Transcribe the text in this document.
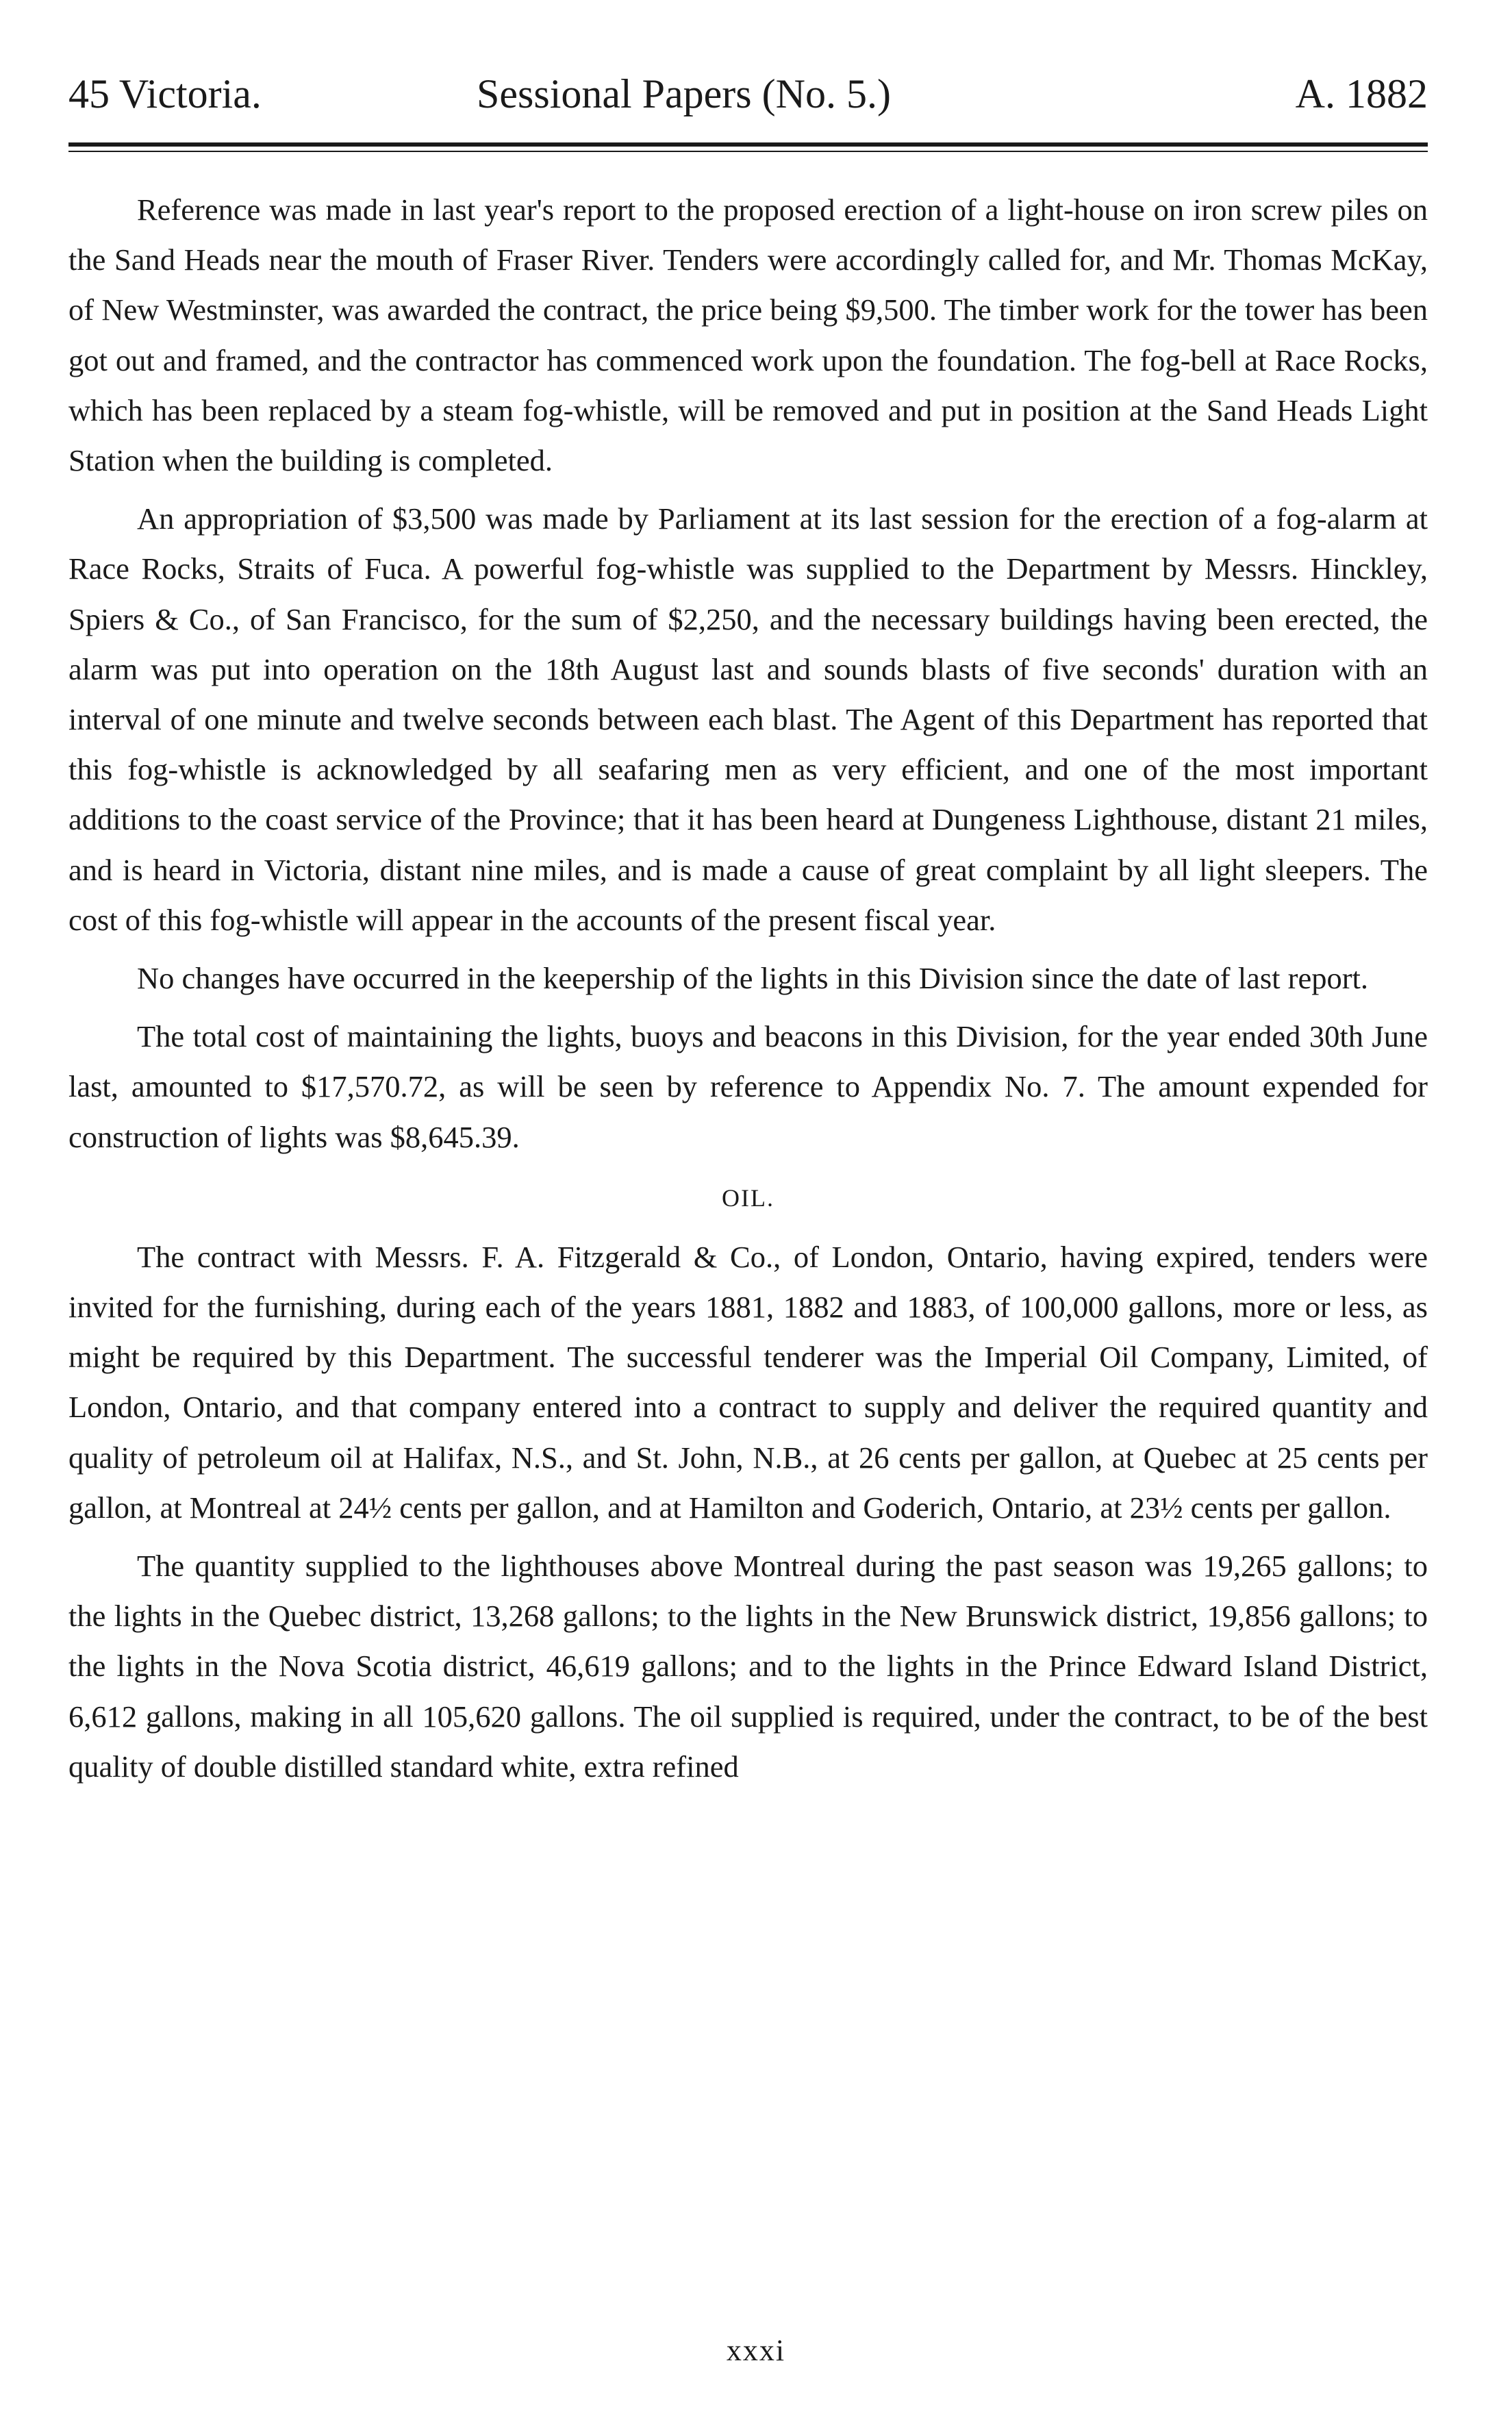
45 Victoria.	Sessional Papers (No. 5.)	A. 1882

Reference was made in last year's report to the proposed erection of a light-house on iron screw piles on the Sand Heads near the mouth of Fraser River. Tenders were accordingly called for, and Mr. Thomas McKay, of New Westminster, was awarded the contract, the price being $9,500. The timber work for the tower has been got out and framed, and the contractor has commenced work upon the foundation. The fog-bell at Race Rocks, which has been replaced by a steam fog-whistle, will be removed and put in position at the Sand Heads Light Station when the building is completed.

An appropriation of $3,500 was made by Parliament at its last session for the erection of a fog-alarm at Race Rocks, Straits of Fuca. A powerful fog-whistle was supplied to the Department by Messrs. Hinckley, Spiers & Co., of San Francisco, for the sum of $2,250, and the necessary buildings having been erected, the alarm was put into operation on the 18th August last and sounds blasts of five seconds' duration with an interval of one minute and twelve seconds between each blast. The Agent of this Department has reported that this fog-whistle is acknowledged by all seafaring men as very efficient, and one of the most important additions to the coast service of the Province; that it has been heard at Dungeness Lighthouse, distant 21 miles, and is heard in Victoria, distant nine miles, and is made a cause of great complaint by all light sleepers. The cost of this fog-whistle will appear in the accounts of the present fiscal year.

No changes have occurred in the keepership of the lights in this Division since the date of last report.

The total cost of maintaining the lights, buoys and beacons in this Division, for the year ended 30th June last, amounted to $17,570.72, as will be seen by reference to Appendix No. 7. The amount expended for construction of lights was $8,645.39.

OIL.

The contract with Messrs. F. A. Fitzgerald & Co., of London, Ontario, having expired, tenders were invited for the furnishing, during each of the years 1881, 1882 and 1883, of 100,000 gallons, more or less, as might be required by this Department. The successful tenderer was the Imperial Oil Company, Limited, of London, Ontario, and that company entered into a contract to supply and deliver the required quantity and quality of petroleum oil at Halifax, N.S., and St. John, N.B., at 26 cents per gallon, at Quebec at 25 cents per gallon, at Montreal at 24½ cents per gallon, and at Hamilton and Goderich, Ontario, at 23½ cents per gallon.

The quantity supplied to the lighthouses above Montreal during the past season was 19,265 gallons; to the lights in the Quebec district, 13,268 gallons; to the lights in the New Brunswick district, 19,856 gallons; to the lights in the Nova Scotia district, 46,619 gallons; and to the lights in the Prince Edward Island District, 6,612 gallons, making in all 105,620 gallons. The oil supplied is required, under the contract, to be of the best quality of double distilled standard white, extra refined

xxxi
